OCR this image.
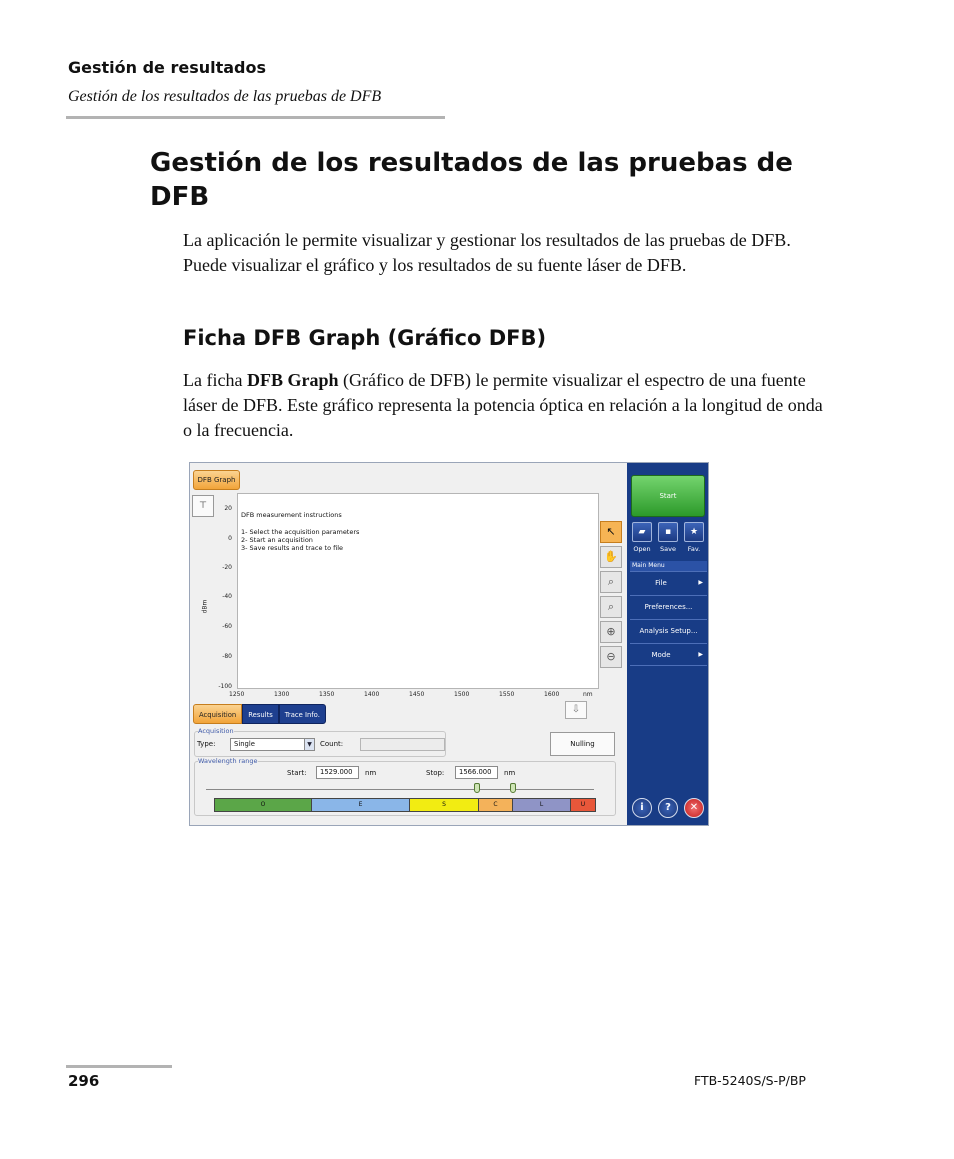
Gestión de resultados
Gestión de los resultados de las pruebas de DFB
Gestión de los resultados de las pruebas de DFB

La aplicación le permite visualizar y gestionar los resultados de las pruebas de DFB. Puede visualizar el gráfico y los resultados de su fuente láser de DFB.

Ficha DFB Graph (Gráfico DFB)

La ficha DFB Graph (Gráfico de DFB) le permite visualizar el espectro de una fuente láser de DFB. Este gráfico representa la potencia óptica en relación a la longitud de onda o la frecuencia.

DFB Graph
⊤
dBm
20
0
-20
-40
-60
-80
-100
DFB measurement instructions
1- Select the acquisition parameters
2- Start an acquisition
3- Save results and trace to file
1250	1300	1350	1400	1450	1500	1550	1600	nm
↖
✋
⌕
⌕
⊕
⊖
Acquisition	Results	Trace Info.	⇩
Acquisition
Type:	Single	▼	Count:	Nulling
Wavelength range
Start:	1529.000	nm	Stop:	1566.000	nm
O	E	S	C	L	U
Start
▰	▪	★
Open	Save	Fav.
Main Menu
File	▶
Preferences...
Analysis Setup...
Mode	▶
i	?	✕
296	FTB-5240S/S-P/BP
